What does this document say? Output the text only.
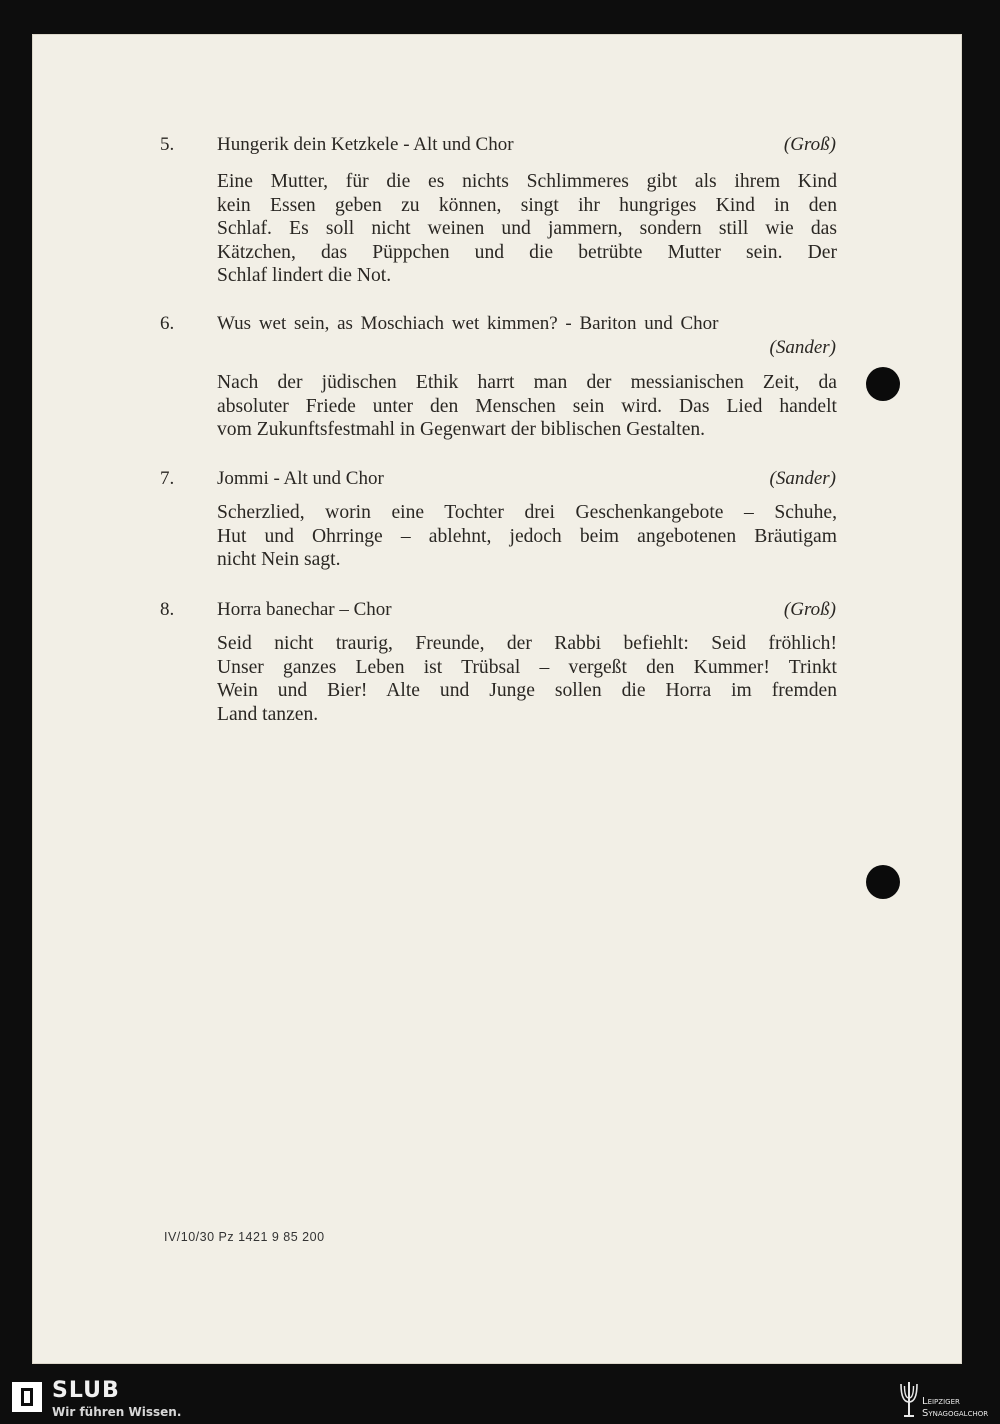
5. Hungerik dein Ketzkele - Alt und Chor	(Groß)
Eine Mutter, für die es nichts Schlimmeres gibt als ihrem Kind
kein Essen geben zu können, singt ihr hungriges Kind in den
Schlaf. Es soll nicht weinen und jammern, sondern still wie das
Kätzchen, das Püppchen und die betrübte Mutter sein. Der
Schlaf lindert die Not.
6. Wus wet sein, as Moschiach wet kimmen? - Bariton und Chor
(Sander)
Nach der jüdischen Ethik harrt man der messianischen Zeit, da
absoluter Friede unter den Menschen sein wird. Das Lied handelt
vom Zukunftsfestmahl in Gegenwart der biblischen Gestalten.
7. Jommi - Alt und Chor	(Sander)
Scherzlied, worin eine Tochter drei Geschenkangebote – Schuhe,
Hut und Ohrringe – ablehnt, jedoch beim angebotenen Bräutigam
nicht Nein sagt.
8. Horra banechar – Chor	(Groß)
Seid nicht traurig, Freunde, der Rabbi befiehlt: Seid fröhlich!
Unser ganzes Leben ist Trübsal – vergeßt den Kummer! Trinkt
Wein und Bier! Alte und Junge sollen die Horra im fremden
Land tanzen.
IV/10/30 Pz 1421 9 85 200
SLUB
Wir führen Wissen.
Leipziger
Synagogalchor
